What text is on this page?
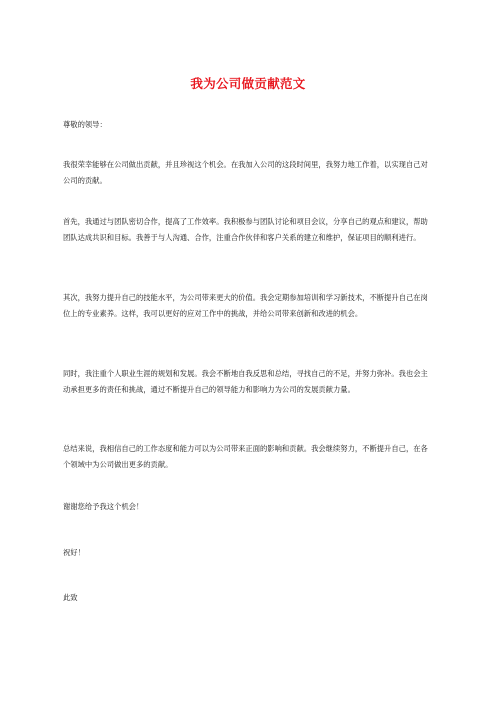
我为公司做贡献范文

尊敬的领导：

我很荣幸能够在公司做出贡献，并且珍视这个机会。在我加入公司的这段时间里，我努力地工作着，以实现自己对公司的贡献。

首先，我通过与团队密切合作，提高了工作效率。我积极参与团队讨论和项目会议，分享自己的观点和建议，帮助团队达成共识和目标。我善于与人沟通、合作，注重合作伙伴和客户关系的建立和维护，保证项目的顺利进行。

其次，我努力提升自己的技能水平，为公司带来更大的价值。我会定期参加培训和学习新技术，不断提升自己在岗位上的专业素养。这样，我可以更好的应对工作中的挑战，并给公司带来创新和改进的机会。

同时，我注重个人职业生涯的规划和发展。我会不断地自我反思和总结，寻找自己的不足，并努力弥补。我也会主动承担更多的责任和挑战，通过不断提升自己的领导能力和影响力为公司的发展贡献力量。

总结来说，我相信自己的工作态度和能力可以为公司带来正面的影响和贡献。我会继续努力，不断提升自己，在各个领域中为公司做出更多的贡献。

谢谢您给予我这个机会！

祝好！

此致
